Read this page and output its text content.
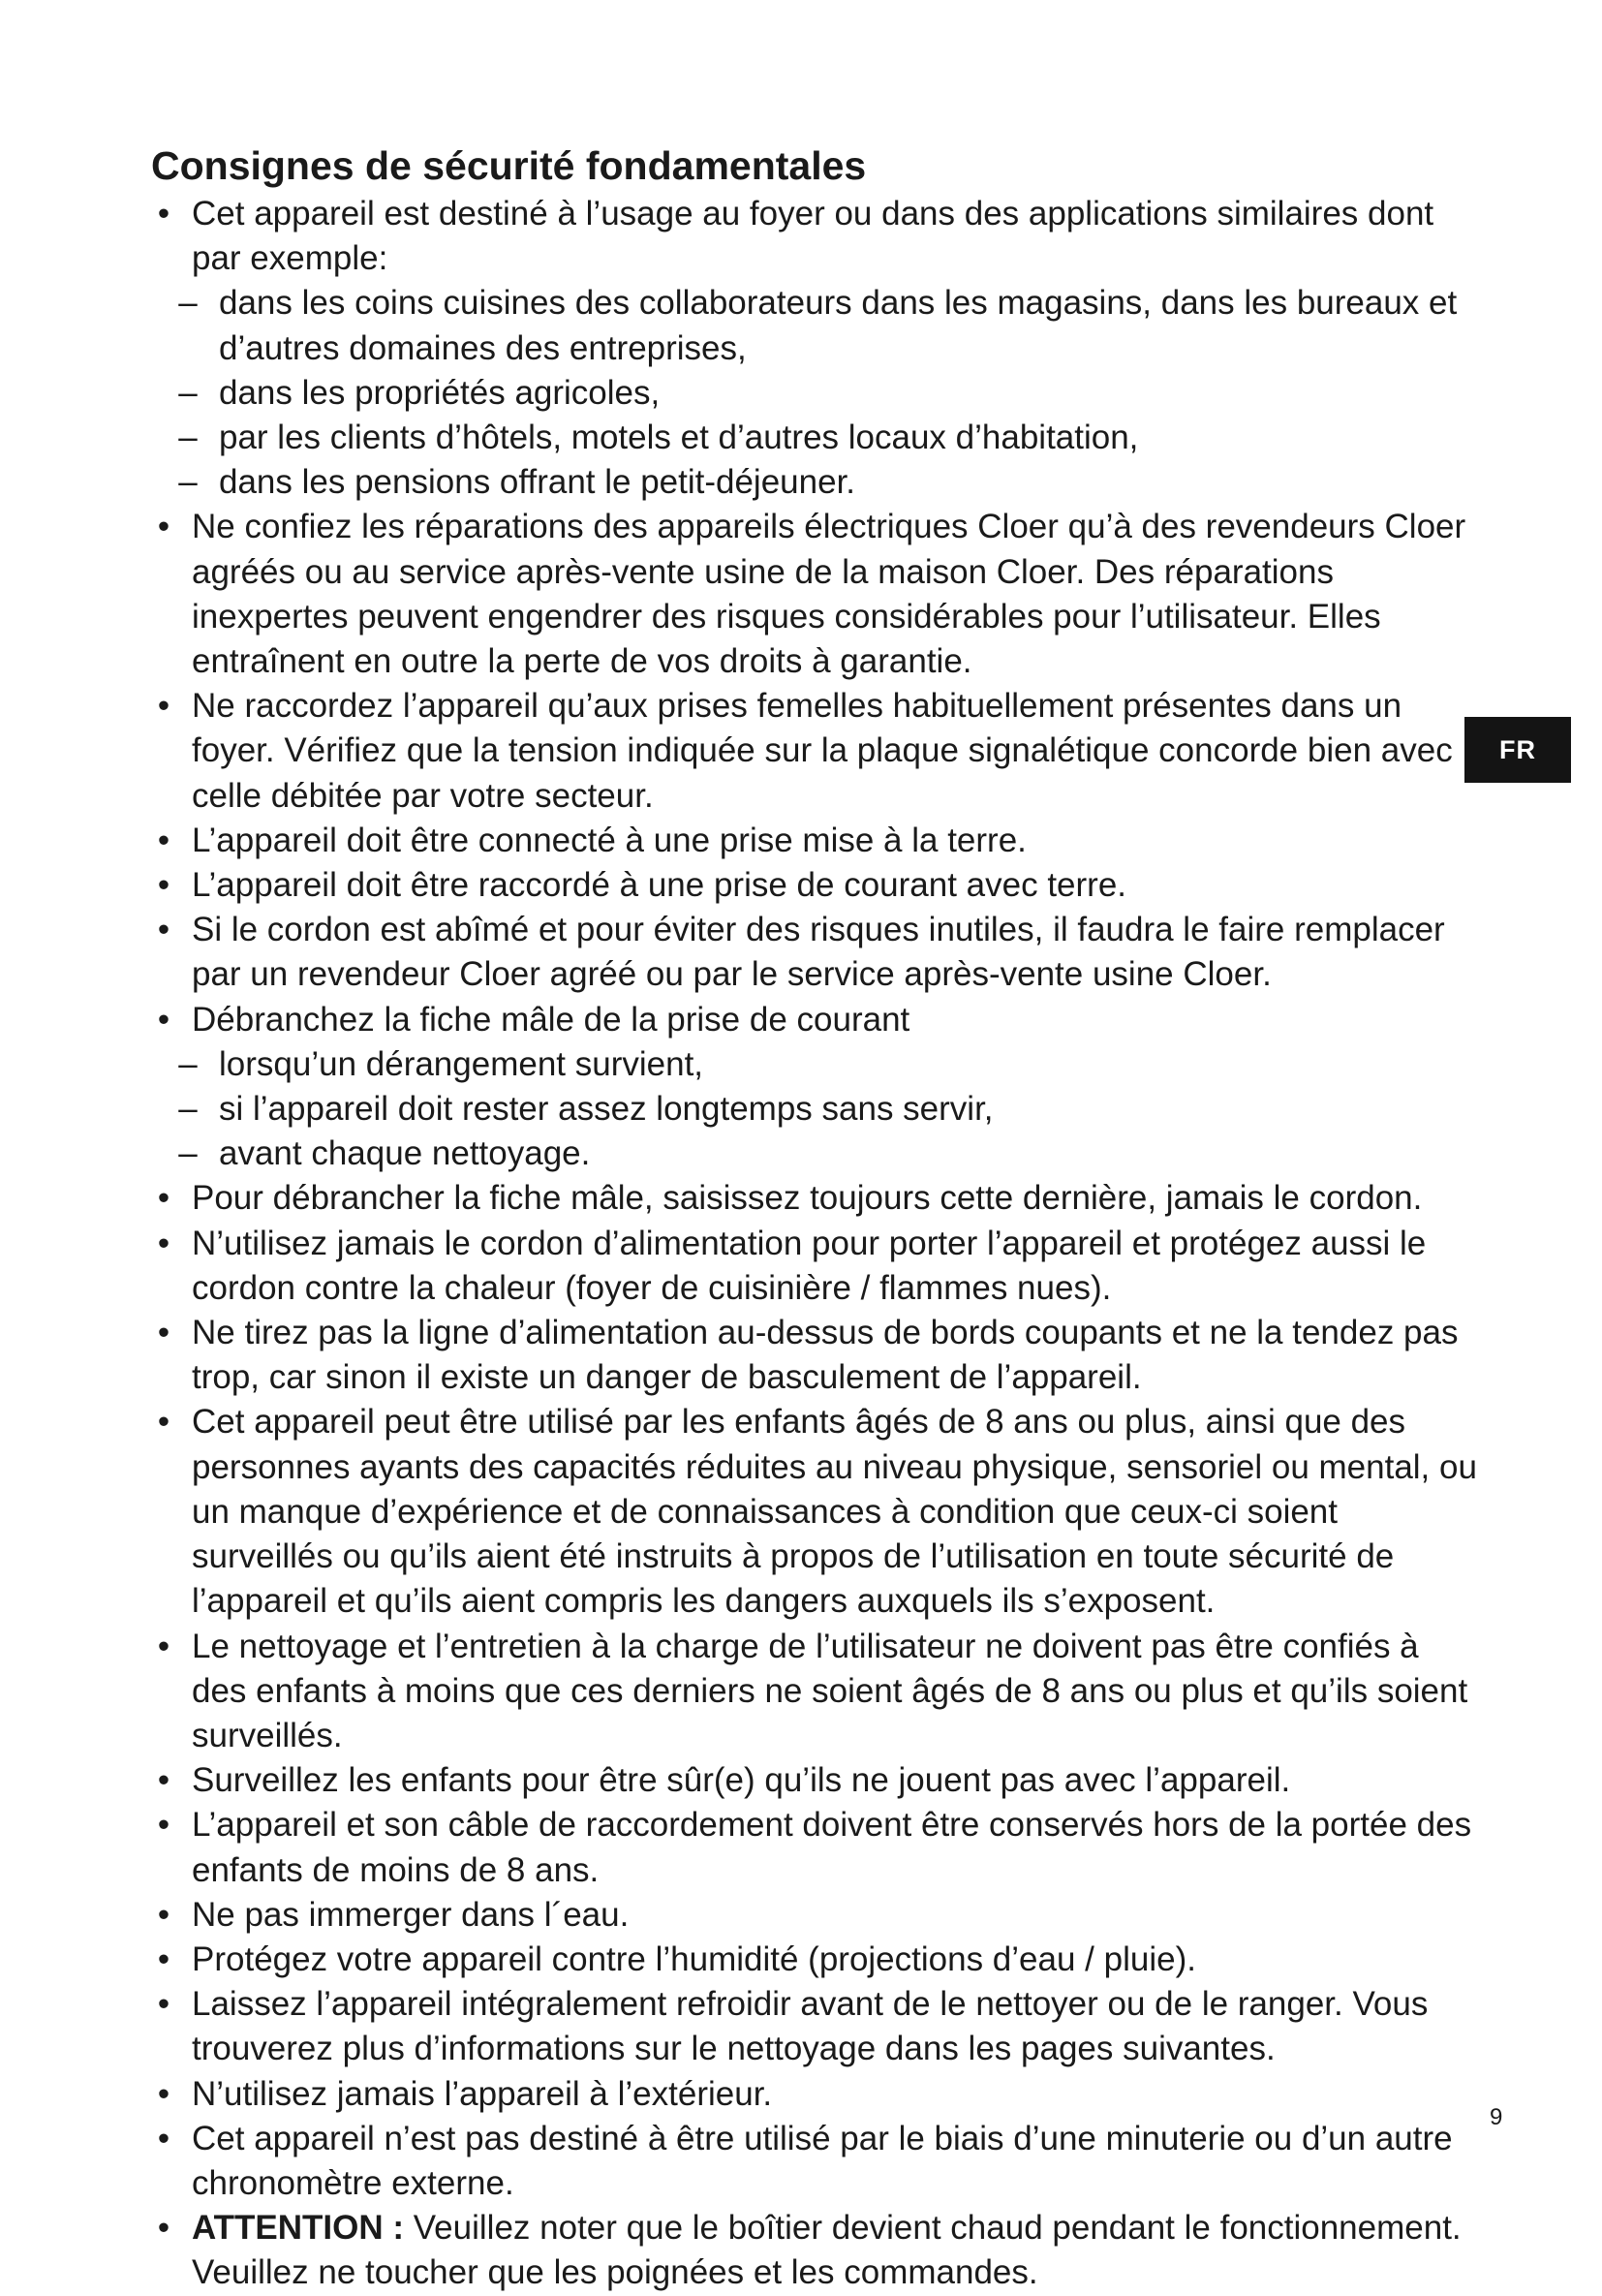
Consignes de sécurité fondamentales
• Cet appareil est destiné à l’usage au foyer ou dans des applications similaires dont par exemple:
– dans les coins cuisines des collaborateurs dans les magasins, dans les bureaux et d’autres domaines des entreprises,
– dans les propriétés agricoles,
– par les clients d’hôtels, motels et d’autres locaux d’habitation,
– dans les pensions offrant le petit-déjeuner.
• Ne confiez les réparations des appareils électriques Cloer qu’à des revendeurs Cloer agréés ou au service après-vente usine de la maison Cloer. Des réparations inexpertes peuvent engendrer des risques considérables pour l’utilisateur. Elles entraînent en outre la perte de vos droits à garantie.
• Ne raccordez l’appareil qu’aux prises femelles habituellement présentes dans un foyer. Vérifiez que la tension indiquée sur la plaque signalétique concorde bien avec celle débitée par votre secteur.
• L’appareil doit être connecté à une prise mise à la terre.
• L’appareil doit être raccordé à une prise de courant avec terre.
• Si le cordon est abîmé et pour éviter des risques inutiles, il faudra le faire remplacer par un revendeur Cloer agréé ou par le service après-vente usine Cloer.
• Débranchez la fiche mâle de la prise de courant
– lorsqu’un dérangement survient,
– si l’appareil doit rester assez longtemps sans servir,
– avant chaque nettoyage.
• Pour débrancher la fiche mâle, saisissez toujours cette dernière, jamais le cordon.
• N’utilisez jamais le cordon d’alimentation pour porter l’appareil et protégez aussi le cordon contre la chaleur (foyer de cuisinière / flammes nues).
• Ne tirez pas la ligne d’alimentation au-dessus de bords coupants et ne la tendez pas trop, car sinon il existe un danger de basculement de l’appareil.
• Cet appareil peut être utilisé par les enfants âgés de 8 ans ou plus, ainsi que des personnes ayants des capacités réduites au niveau physique, sensoriel ou mental, ou un manque d’expérience et de connaissances à condition que ceux-ci soient surveillés ou qu’ils aient été instruits à propos de l’utilisation en toute sécurité de l’appareil et qu’ils aient compris les dangers auxquels ils s’exposent.
• Le nettoyage et l’entretien à la charge de l’utilisateur ne doivent pas être confiés à des enfants à moins que ces derniers ne soient âgés de 8 ans ou plus et qu’ils soient surveillés.
• Surveillez les enfants pour être sûr(e) qu’ils ne jouent pas avec l’appareil.
• L’appareil et son câble de raccordement doivent être conservés hors de la portée des enfants de moins de 8 ans.
• Ne pas immerger dans l´eau.
• Protégez votre appareil contre l’humidité (projections d’eau / pluie).
• Laissez l’appareil intégralement refroidir avant de le nettoyer ou de le ranger. Vous trouverez plus d’informations sur le nettoyage dans les pages suivantes.
• N’utilisez jamais l’appareil à l’extérieur.
• Cet appareil n’est pas destiné à être utilisé par le biais d’une minuterie ou d’un autre chronomètre externe.
• ATTENTION : Veuillez noter que le boîtier devient chaud pendant le fonctionnement. Veuillez ne toucher que les poignées et les commandes.
FR
9
